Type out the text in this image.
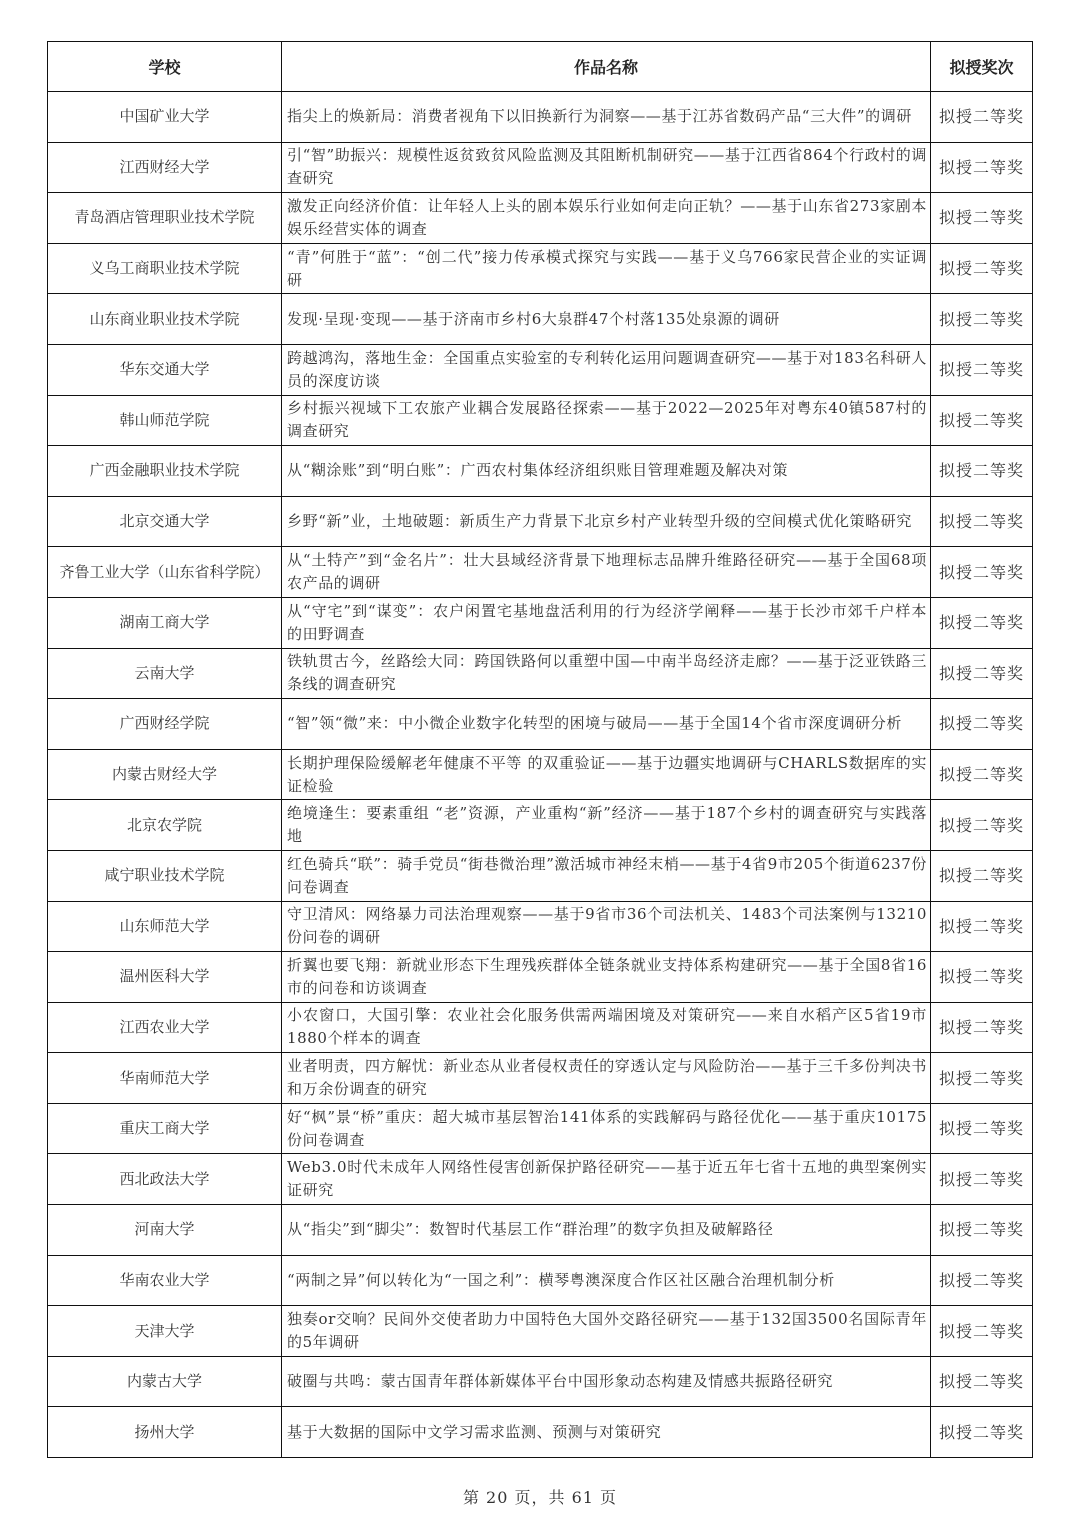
学校	作品名称	拟授奖次
中国矿业大学	指尖上的焕新局：消费者视角下以旧换新行为洞察——基于江苏省数码产品“三大件”的调研	拟授二等奖
江西财经大学	引“智”助振兴：规模性返贫致贫风险监测及其阻断机制研究——基于江西省864个行政村的调查研究	拟授二等奖
青岛酒店管理职业技术学院	激发正向经济价值：让年轻人上头的剧本娱乐行业如何走向正轨？——基于山东省273家剧本娱乐经营实体的调查	拟授二等奖
义乌工商职业技术学院	“青”何胜于“蓝”：“创二代”接力传承模式探究与实践——基于义乌766家民营企业的实证调研	拟授二等奖
山东商业职业技术学院	发现·呈现·变现——基于济南市乡村6大泉群47个村落135处泉源的调研	拟授二等奖
华东交通大学	跨越鸿沟，落地生金：全国重点实验室的专利转化运用问题调查研究——基于对183名科研人员的深度访谈	拟授二等奖
韩山师范学院	乡村振兴视域下工农旅产业耦合发展路径探索——基于2022—2025年对粤东40镇587村的调查研究	拟授二等奖
广西金融职业技术学院	从“糊涂账”到“明白账”：广西农村集体经济组织账目管理难题及解决对策	拟授二等奖
北京交通大学	乡野“新”业，土地破题：新质生产力背景下北京乡村产业转型升级的空间模式优化策略研究	拟授二等奖
齐鲁工业大学（山东省科学院）	从“土特产”到“金名片”：壮大县域经济背景下地理标志品牌升维路径研究——基于全国68项农产品的调研	拟授二等奖
湖南工商大学	从“守宅”到“谋变”：农户闲置宅基地盘活利用的行为经济学阐释——基于长沙市郊千户样本的田野调查	拟授二等奖
云南大学	铁轨贯古今，丝路绘大同：跨国铁路何以重塑中国—中南半岛经济走廊？——基于泛亚铁路三条线的调查研究	拟授二等奖
广西财经学院	“智”领“微”来：中小微企业数字化转型的困境与破局——基于全国14个省市深度调研分析	拟授二等奖
内蒙古财经大学	长期护理保险缓解老年健康不平等 的双重验证——基于边疆实地调研与CHARLS数据库的实证检验	拟授二等奖
北京农学院	绝境逢生：要素重组 “老”资源，产业重构“新”经济——基于187个乡村的调查研究与实践落地	拟授二等奖
咸宁职业技术学院	红色骑兵“联”：骑手党员“街巷微治理”激活城市神经末梢——基于4省9市205个街道6237份问卷调查	拟授二等奖
山东师范大学	守卫清风：网络暴力司法治理观察——基于9省市36个司法机关、1483个司法案例与13210份问卷的调研	拟授二等奖
温州医科大学	折翼也要飞翔：新就业形态下生理残疾群体全链条就业支持体系构建研究——基于全国8省16市的问卷和访谈调查	拟授二等奖
江西农业大学	小农窗口，大国引擎：农业社会化服务供需两端困境及对策研究——来自水稻产区5省19市1880个样本的调查	拟授二等奖
华南师范大学	业者明责，四方解忧：新业态从业者侵权责任的穿透认定与风险防治——基于三千多份判决书和万余份调查的研究	拟授二等奖
重庆工商大学	好“枫”景“桥”重庆：超大城市基层智治141体系的实践解码与路径优化——基于重庆10175份问卷调查	拟授二等奖
西北政法大学	Web3.0时代未成年人网络性侵害创新保护路径研究——基于近五年七省十五地的典型案例实证研究	拟授二等奖
河南大学	从“指尖”到“脚尖”：数智时代基层工作“群治理”的数字负担及破解路径	拟授二等奖
华南农业大学	“两制之异”何以转化为“一国之利”：横琴粤澳深度合作区社区融合治理机制分析	拟授二等奖
天津大学	独奏or交响？民间外交使者助力中国特色大国外交路径研究——基于132国3500名国际青年的5年调研	拟授二等奖
内蒙古大学	破圈与共鸣：蒙古国青年群体新媒体平台中国形象动态构建及情感共振路径研究	拟授二等奖
扬州大学	基于大数据的国际中文学习需求监测、预测与对策研究	拟授二等奖
第 20 页，共 61 页
